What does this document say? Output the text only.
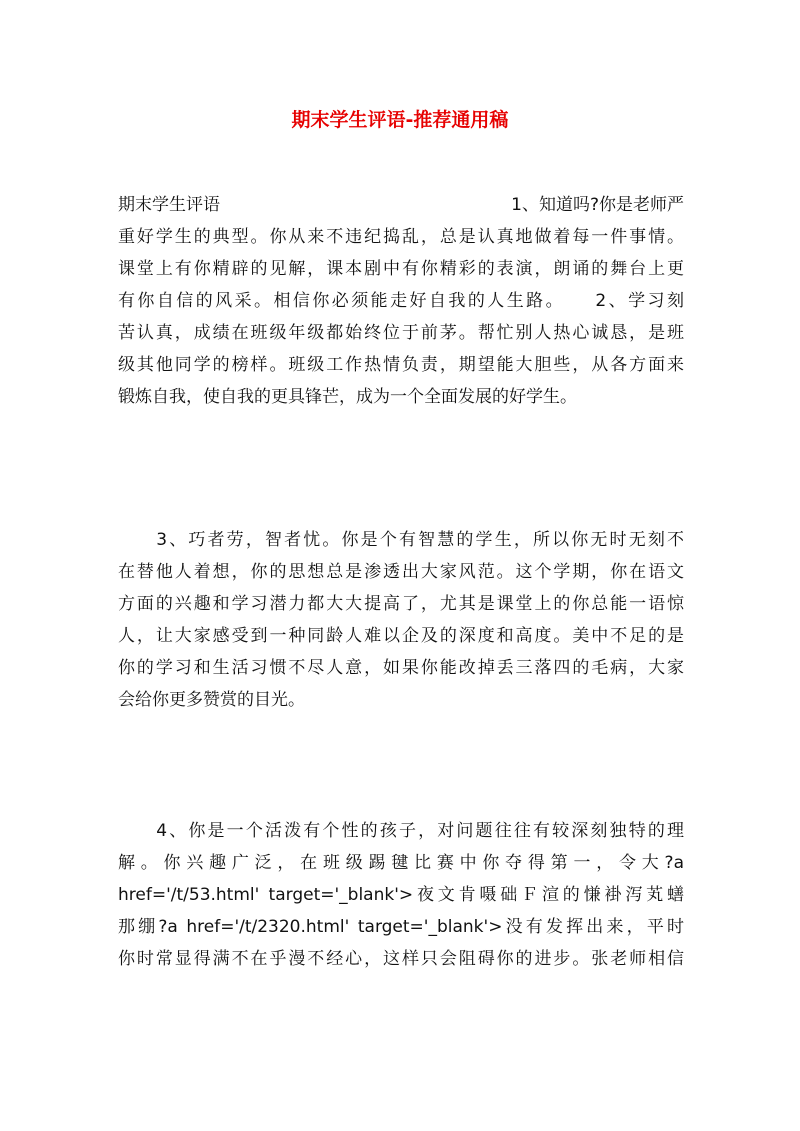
期末学生评语-推荐通用稿
期末学生评语	1、知道吗?你是老师严
重好学生的典型。你从来不违纪捣乱，总是认真地做着每一件事情。
课堂上有你精辟的见解，课本剧中有你精彩的表演，朗诵的舞台上更
有你自信的风采。相信你必须能走好自我的人生路。　　2、学习刻
苦认真，成绩在班级年级都始终位于前茅。帮忙别人热心诚恳，是班
级其他同学的榜样。班级工作热情负责，期望能大胆些，从各方面来
锻炼自我，使自我的更具锋芒，成为一个全面发展的好学生。
　　3、巧者劳，智者忧。你是个有智慧的学生，所以你无时无刻不
在替他人着想，你的思想总是渗透出大家风范。这个学期，你在语文
方面的兴趣和学习潜力都大大提高了，尤其是课堂上的你总能一语惊
人，让大家感受到一种同龄人难以企及的深度和高度。美中不足的是
你的学习和生活习惯不尽人意，如果你能改掉丢三落四的毛病，大家
会给你更多赞赏的目光。
　　4、你是一个活泼有个性的孩子，对问题往往有较深刻独特的理
解。你兴趣广泛，在班级踢毽比赛中你夺得第一，令大?a
href='/t/53.html' target='_blank'>夜文肯嗫础Ｆ渲的慊褂泻芄蟮
那绷?a href='/t/2320.html' target='_blank'>没有发挥出来，平时
你时常显得满不在乎漫不经心，这样只会阻碍你的进步。张老师相信
